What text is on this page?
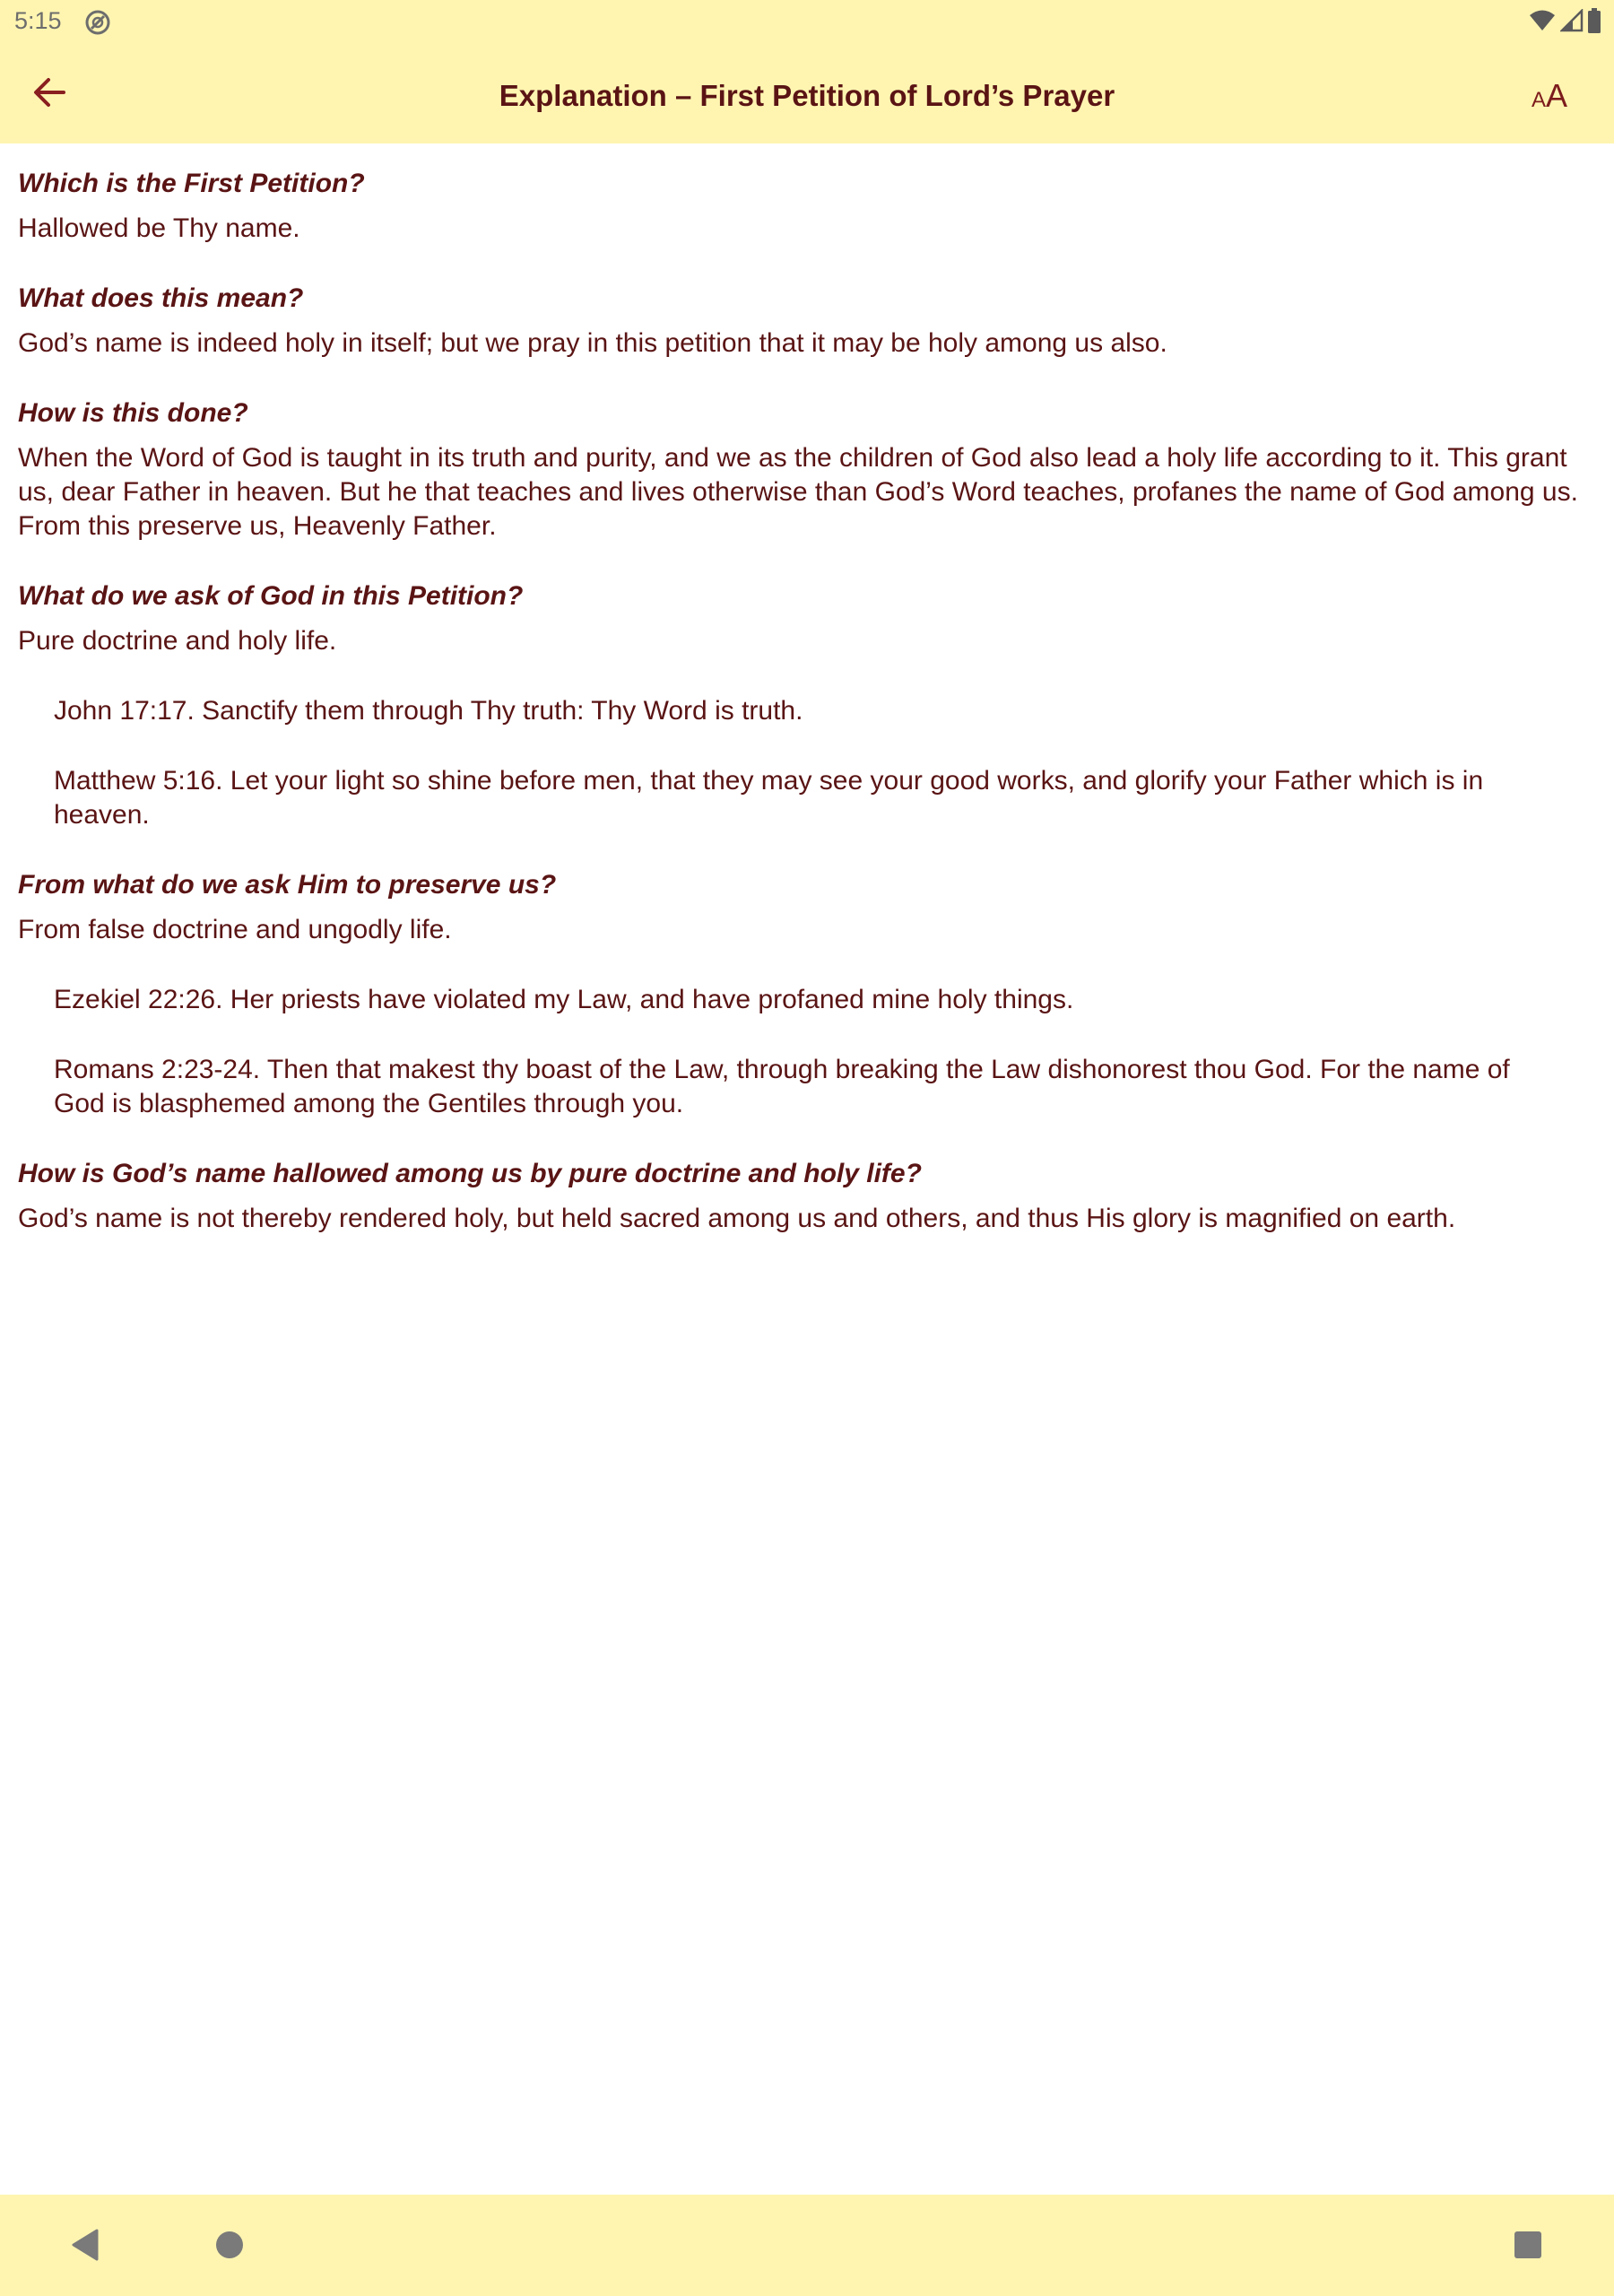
5:15
Explanation – First Petition of Lord’s Prayer	AA

Which is the First Petition?

Hallowed be Thy name.

What does this mean?

God’s name is indeed holy in itself; but we pray in this petition that it may be holy among us also.

How is this done?

When the Word of God is taught in its truth and purity, and we as the children of God also lead a holy life according to it. This grant us, dear Father in heaven. But he that teaches and lives otherwise than God’s Word teaches, profanes the name of God among us. From this preserve us, Heavenly Father.

What do we ask of God in this Petition?

Pure doctrine and holy life.

John 17:17. Sanctify them through Thy truth: Thy Word is truth.

Matthew 5:16. Let your light so shine before men, that they may see your good works, and glorify your Father which is in heaven.

From what do we ask Him to preserve us?

From false doctrine and ungodly life.

Ezekiel 22:26. Her priests have violated my Law, and have profaned mine holy things.

Romans 2:23-24. Then that makest thy boast of the Law, through breaking the Law dishonorest thou God. For the name of God is blasphemed among the Gentiles through you.

How is God’s name hallowed among us by pure doctrine and holy life?

God’s name is not thereby rendered holy, but held sacred among us and others, and thus His glory is magnified on earth.
